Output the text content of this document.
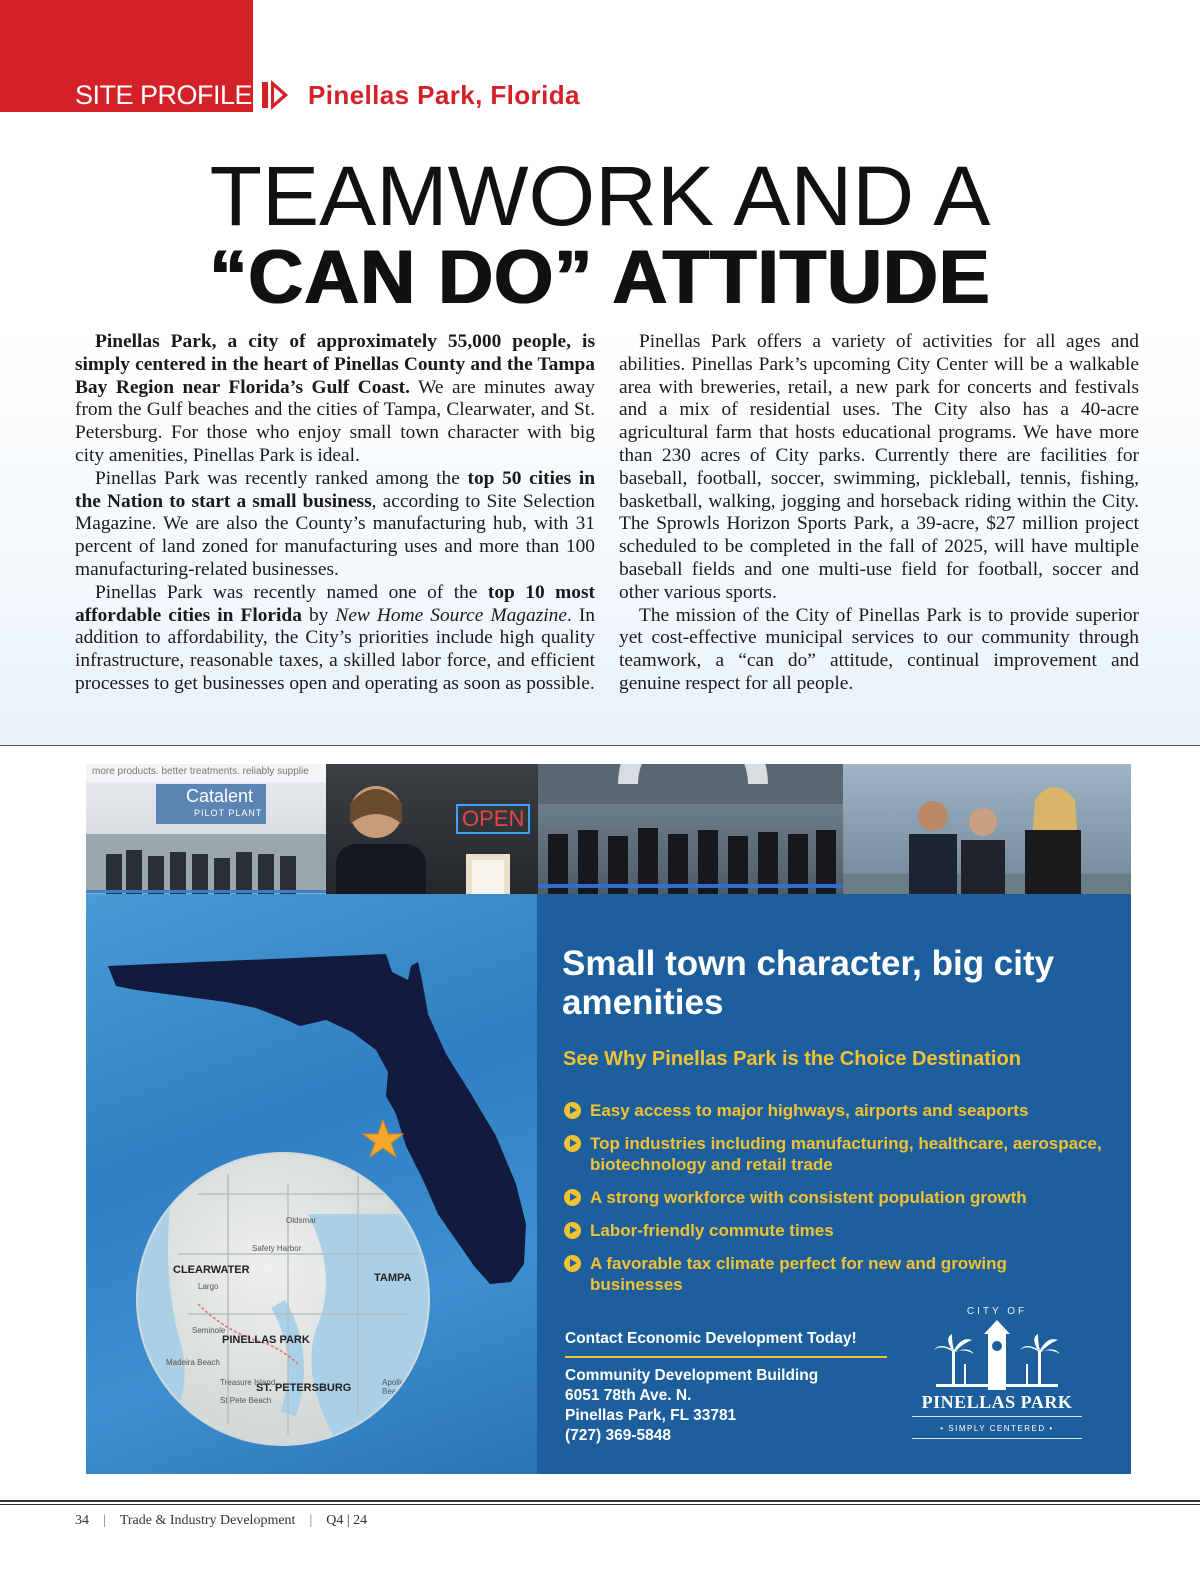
SITE PROFILE Pinellas Park, Florida
TEAMWORK AND A
“CAN DO” ATTITUDE

Pinellas Park, a city of approximately 55,000 people, is simply centered in the heart of Pinellas County and the Tampa Bay Region near Florida’s Gulf Coast. We are minutes away from the Gulf beaches and the cities of Tampa, Clearwater, and St. Petersburg. For those who enjoy small town character with big city amenities, Pinellas Park is ideal.

Pinellas Park was recently ranked among the top 50 cities in the Nation to start a small business, according to Site Selection Magazine. We are also the County’s manufacturing hub, with 31 percent of land zoned for manufacturing uses and more than 100 manufacturing-related businesses.

Pinellas Park was recently named one of the top 10 most affordable cities in Florida by New Home Source Magazine. In addition to affordability, the City’s priorities include high quality infrastructure, reasonable taxes, a skilled labor force, and efficient processes to get businesses open and operating as soon as possible.

Pinellas Park offers a variety of activities for all ages and abilities. Pinellas Park’s upcoming City Center will be a walkable area with breweries, retail, a new park for concerts and festivals and a mix of residential uses. The City also has a 40-acre agricultural farm that hosts educational programs. We have more than 230 acres of City parks. Currently there are facilities for baseball, football, soccer, swimming, pickleball, tennis, fishing, basketball, walking, jogging and horseback riding within the City. The Sprowls Horizon Sports Park, a 39-acre, $27 million project scheduled to be completed in the fall of 2025, will have multiple baseball fields and one multi-use field for football, soccer and other various sports.

The mission of the City of Pinellas Park is to provide superior yet cost-effective municipal services to our community through teamwork, a “can do” attitude, continual improvement and genuine respect for all people.

more products. better treatments. reliably supplie
Catalent
PILOT PLANT	OPEN
CLEARWATER
TAMPA
PINELLAS PARK
ST. PETERSBURG
Oldsmar
Safety Harbor
Largo
Seminole
Madeira Beach
Treasure Island
St Pete Beach
Apollo Beach
Small town character, big city amenities
See Why Pinellas Park is the Choice Destination
Easy access to major highways, airports and seaports
Top industries including manufacturing, healthcare, aerospace, biotechnology and retail trade
A strong workforce with consistent population growth
Labor-friendly commute times
A favorable tax climate perfect for new and growing businesses
Contact Economic Development Today!
Community Development Building
6051 78th Ave. N.
Pinellas Park, FL 33781
(727) 369-5848
CITY OF
PINELLAS PARK
• SIMPLY CENTERED •
34 | Trade & Industry Development | Q4 | 24
